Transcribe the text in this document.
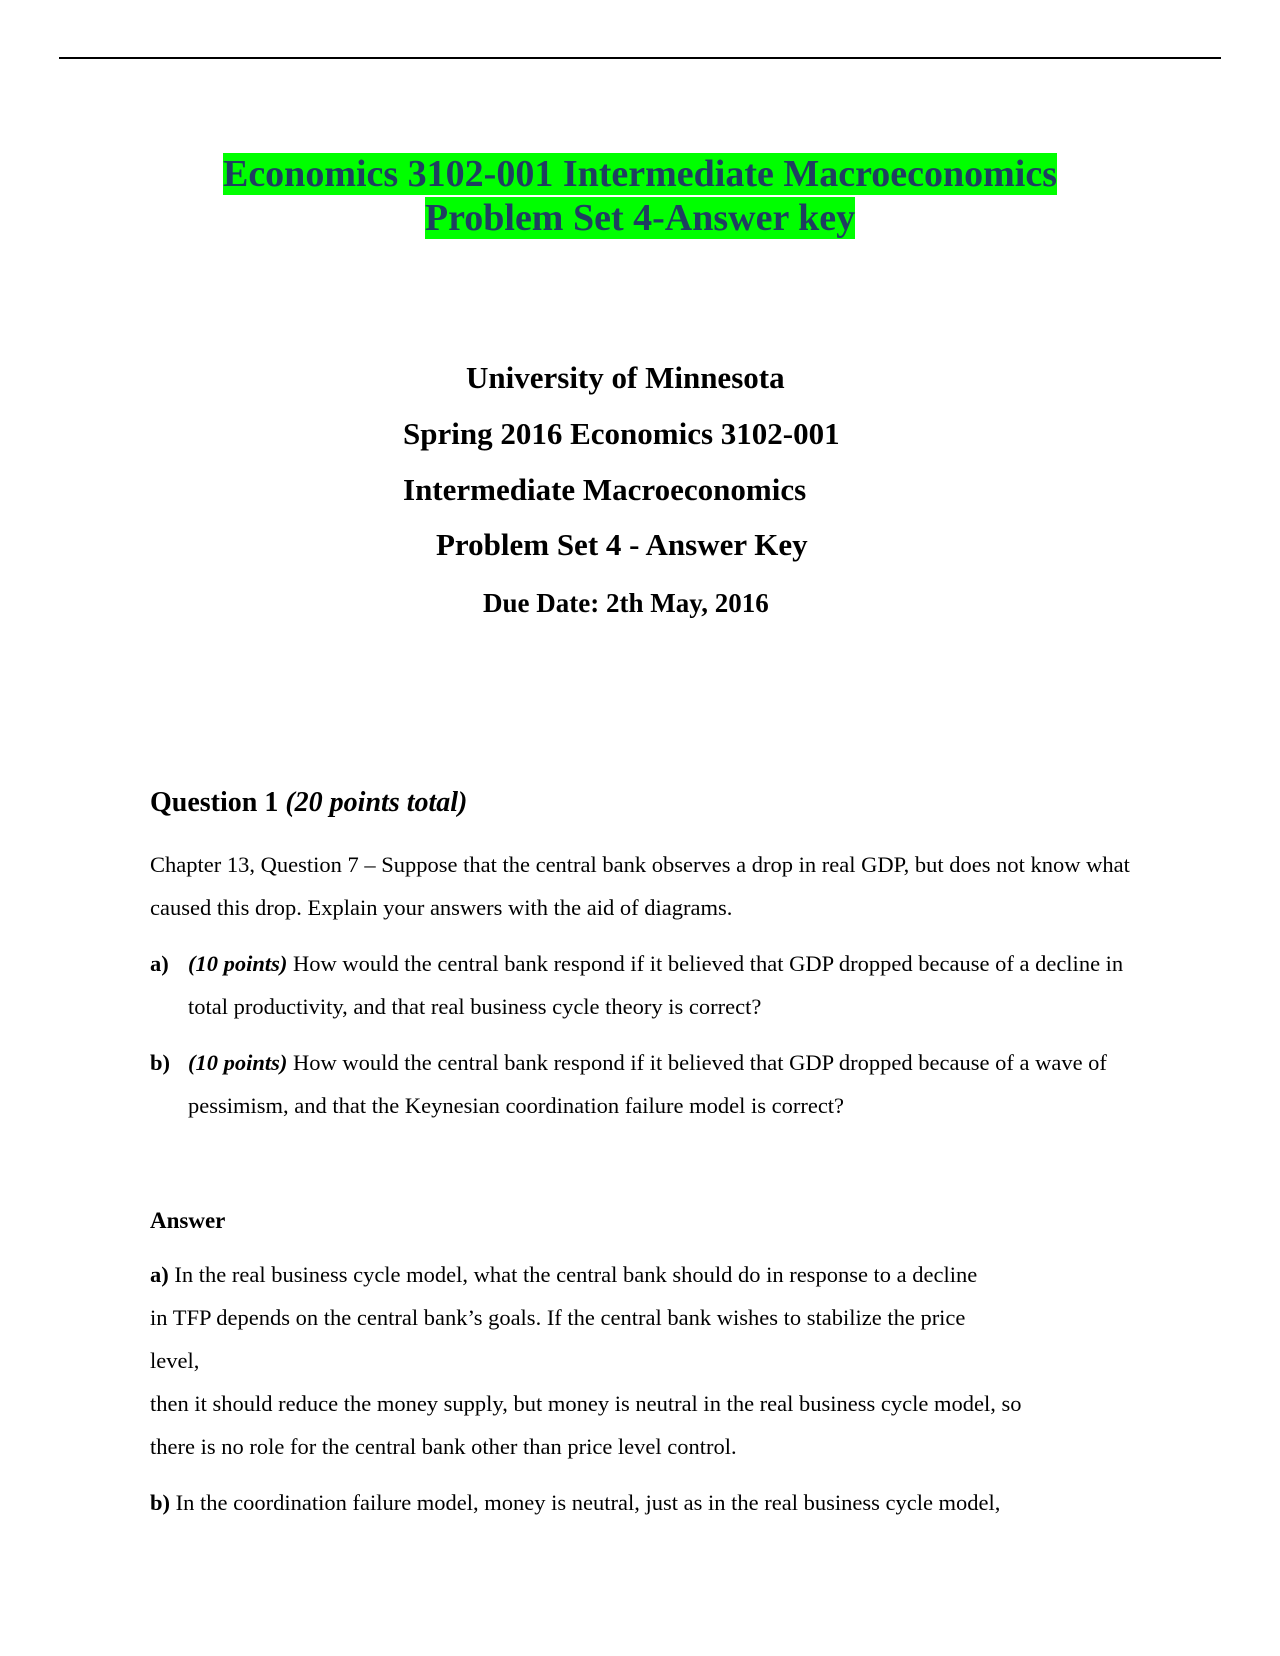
Economics 3102-001 Intermediate Macroeconomics
Problem Set 4-Answer key
University of Minnesota
Spring 2016 Economics 3102-001
Intermediate Macroeconomics
Problem Set 4 - Answer Key
Due Date: 2th May, 2016
Question 1 (20 points total)
Chapter 13, Question 7 – Suppose that the central bank observes a drop in real GDP, but does not know what caused this drop. Explain your answers with the aid of diagrams.
a) (10 points) How would the central bank respond if it believed that GDP dropped because of a decline in total productivity, and that real business cycle theory is correct?
b) (10 points) How would the central bank respond if it believed that GDP dropped because of a wave of pessimism, and that the Keynesian coordination failure model is correct?
Answer
a) In the real business cycle model, what the central bank should do in response to a decline
in TFP depends on the central bank’s goals. If the central bank wishes to stabilize the price
level,
then it should reduce the money supply, but money is neutral in the real business cycle model, so
there is no role for the central bank other than price level control.
b) In the coordination failure model, money is neutral, just as in the real business cycle model,
